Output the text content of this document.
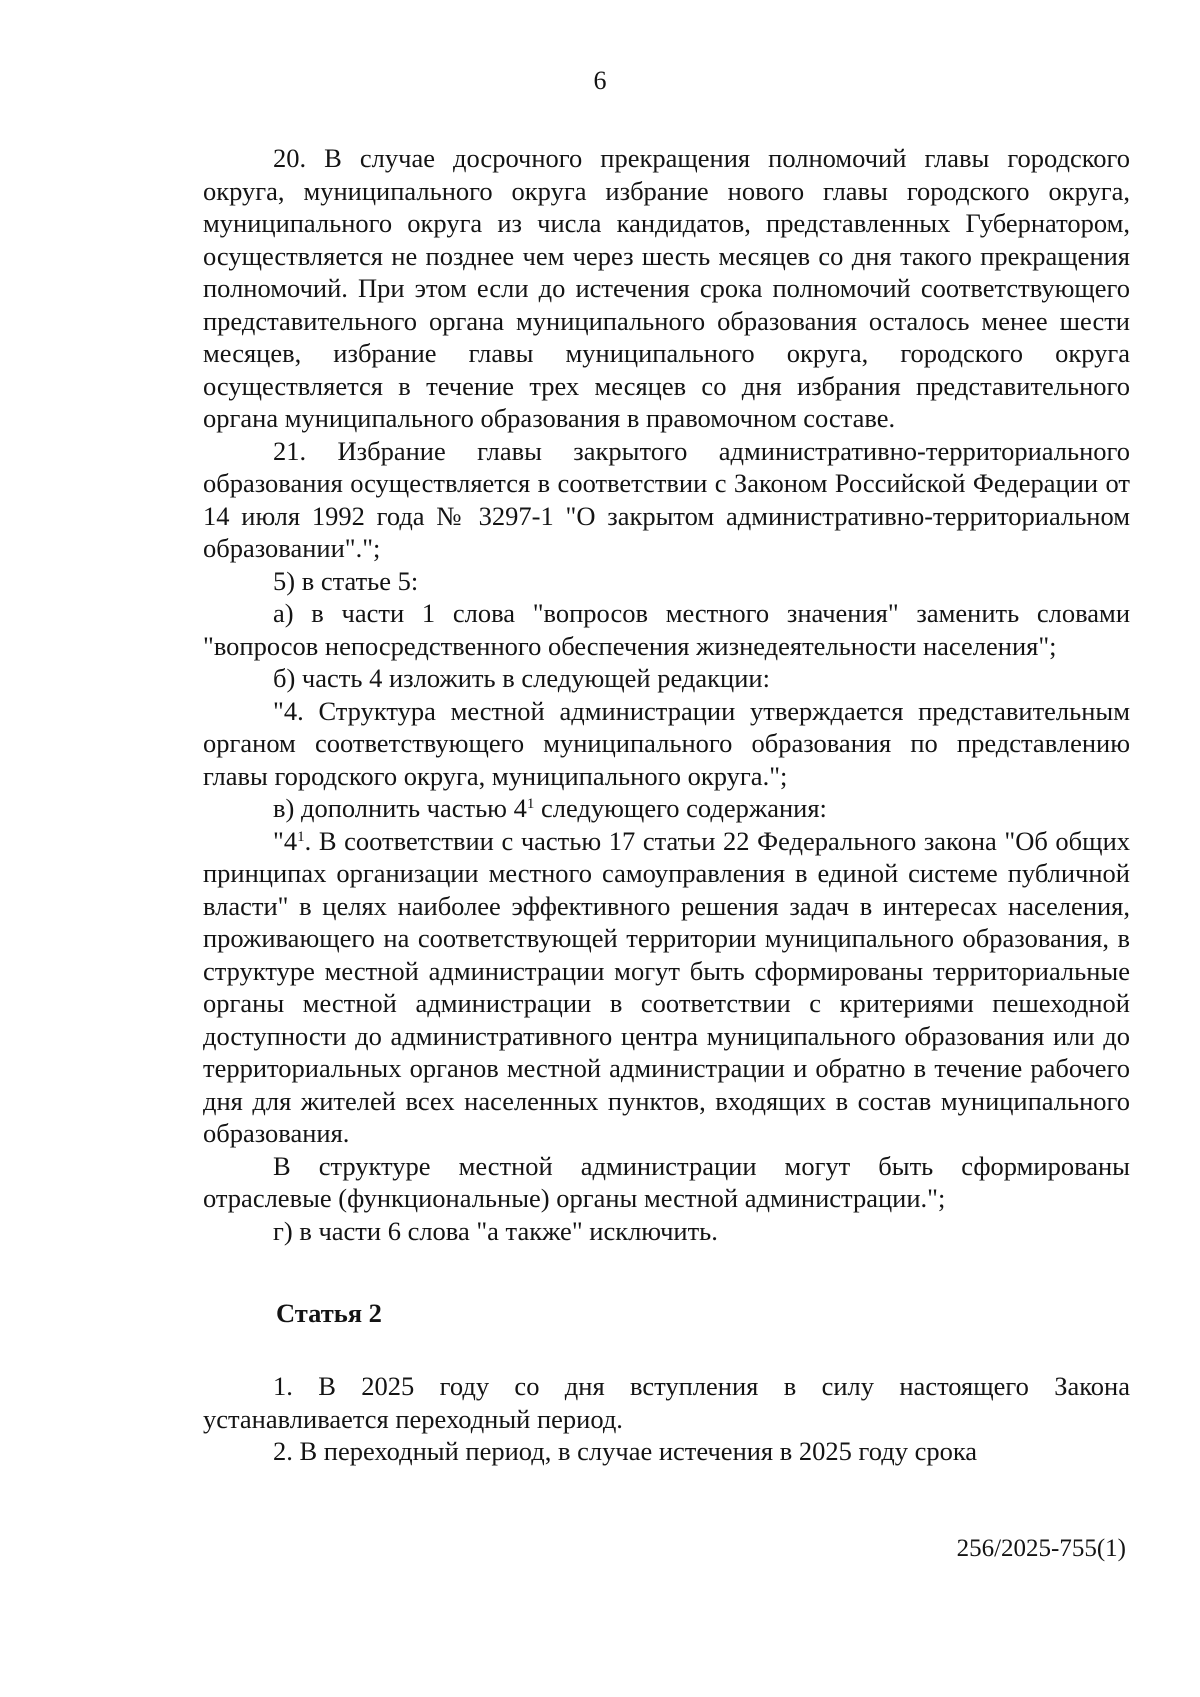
6

20. В случае досрочного прекращения полномочий главы городского округа, муниципального округа избрание нового главы городского округа, муниципального округа из числа кандидатов, представленных Губернатором, осуществляется не позднее чем через шесть месяцев со дня такого прекращения полномочий. При этом если до истечения срока полномочий соответствующего представительного органа муниципального образования осталось менее шести месяцев, избрание главы муниципального округа, городского округа осуществляется в течение трех месяцев со дня избрания представительного органа муниципального образования в правомочном составе.

21. Избрание главы закрытого административно-территориального образования осуществляется в соответствии с Законом Российской Федерации от 14 июля 1992 года № 3297-1 "О закрытом административно-территориальном образовании".";

5) в статье 5:

а) в части 1 слова "вопросов местного значения" заменить словами "вопросов непосредственного обеспечения жизнедеятельности населения";

б) часть 4 изложить в следующей редакции:

"4. Структура местной администрации утверждается представительным органом соответствующего муниципального образования по представлению главы городского округа, муниципального округа.";

в) дополнить частью $4^1$ следующего содержания:

"$4^1$. В соответствии с частью 17 статьи 22 Федерального закона "Об общих принципах организации местного самоуправления в единой системе публичной власти" в целях наиболее эффективного решения задач в интересах населения, проживающего на соответствующей территории муниципального образования, в структуре местной администрации могут быть сформированы территориальные органы местной администрации в соответствии с критериями пешеходной доступности до административного центра муниципального образования или до территориальных органов местной администрации и обратно в течение рабочего дня для жителей всех населенных пунктов, входящих в состав муниципального образования.

В структуре местной администрации могут быть сформированы отраслевые (функциональные) органы местной администрации.";

г) в части 6 слова "а также" исключить.

Статья 2

1. В 2025 году со дня вступления в силу настоящего Закона устанавливается переходный период.

2. В переходный период, в случае истечения в 2025 году срока

256/2025-755(1)
